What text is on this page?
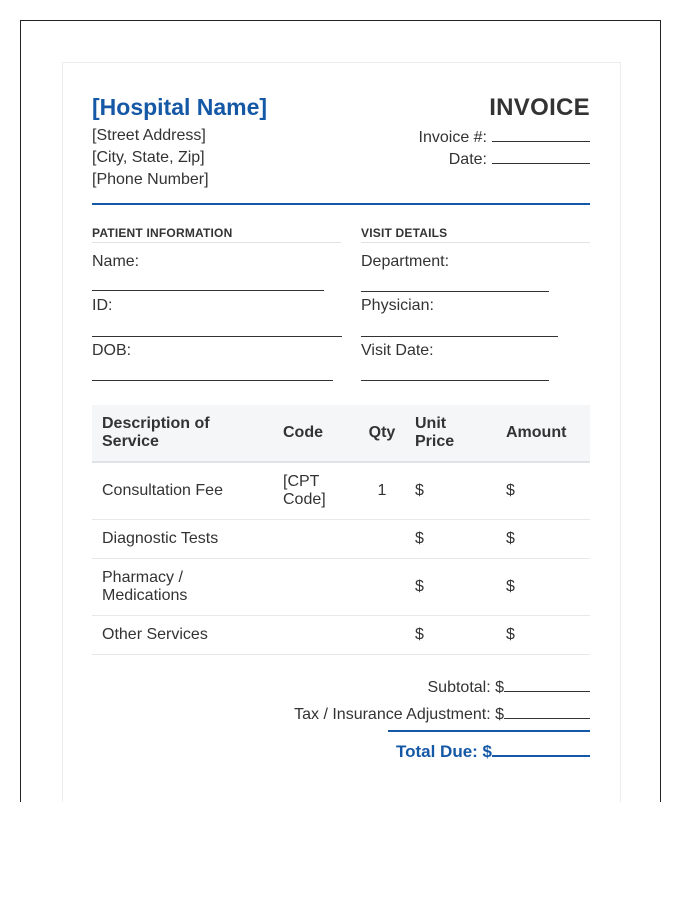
[Hospital Name]
[Street Address]
[City, State, Zip]
[Phone Number]
INVOICE
Invoice #:
Date:
PATIENT INFORMATION
Name:
ID:
DOB:
VISIT DETAILS
Department:
Physician:
Visit Date:
Description of Service	Code	Qty	Unit Price	Amount
Consultation Fee	[CPT Code]	1	$	$
Diagnostic Tests			$	$
Pharmacy / Medications			$	$
Other Services			$	$
Subtotal: $
Tax / Insurance Adjustment: $
Total Due: $
